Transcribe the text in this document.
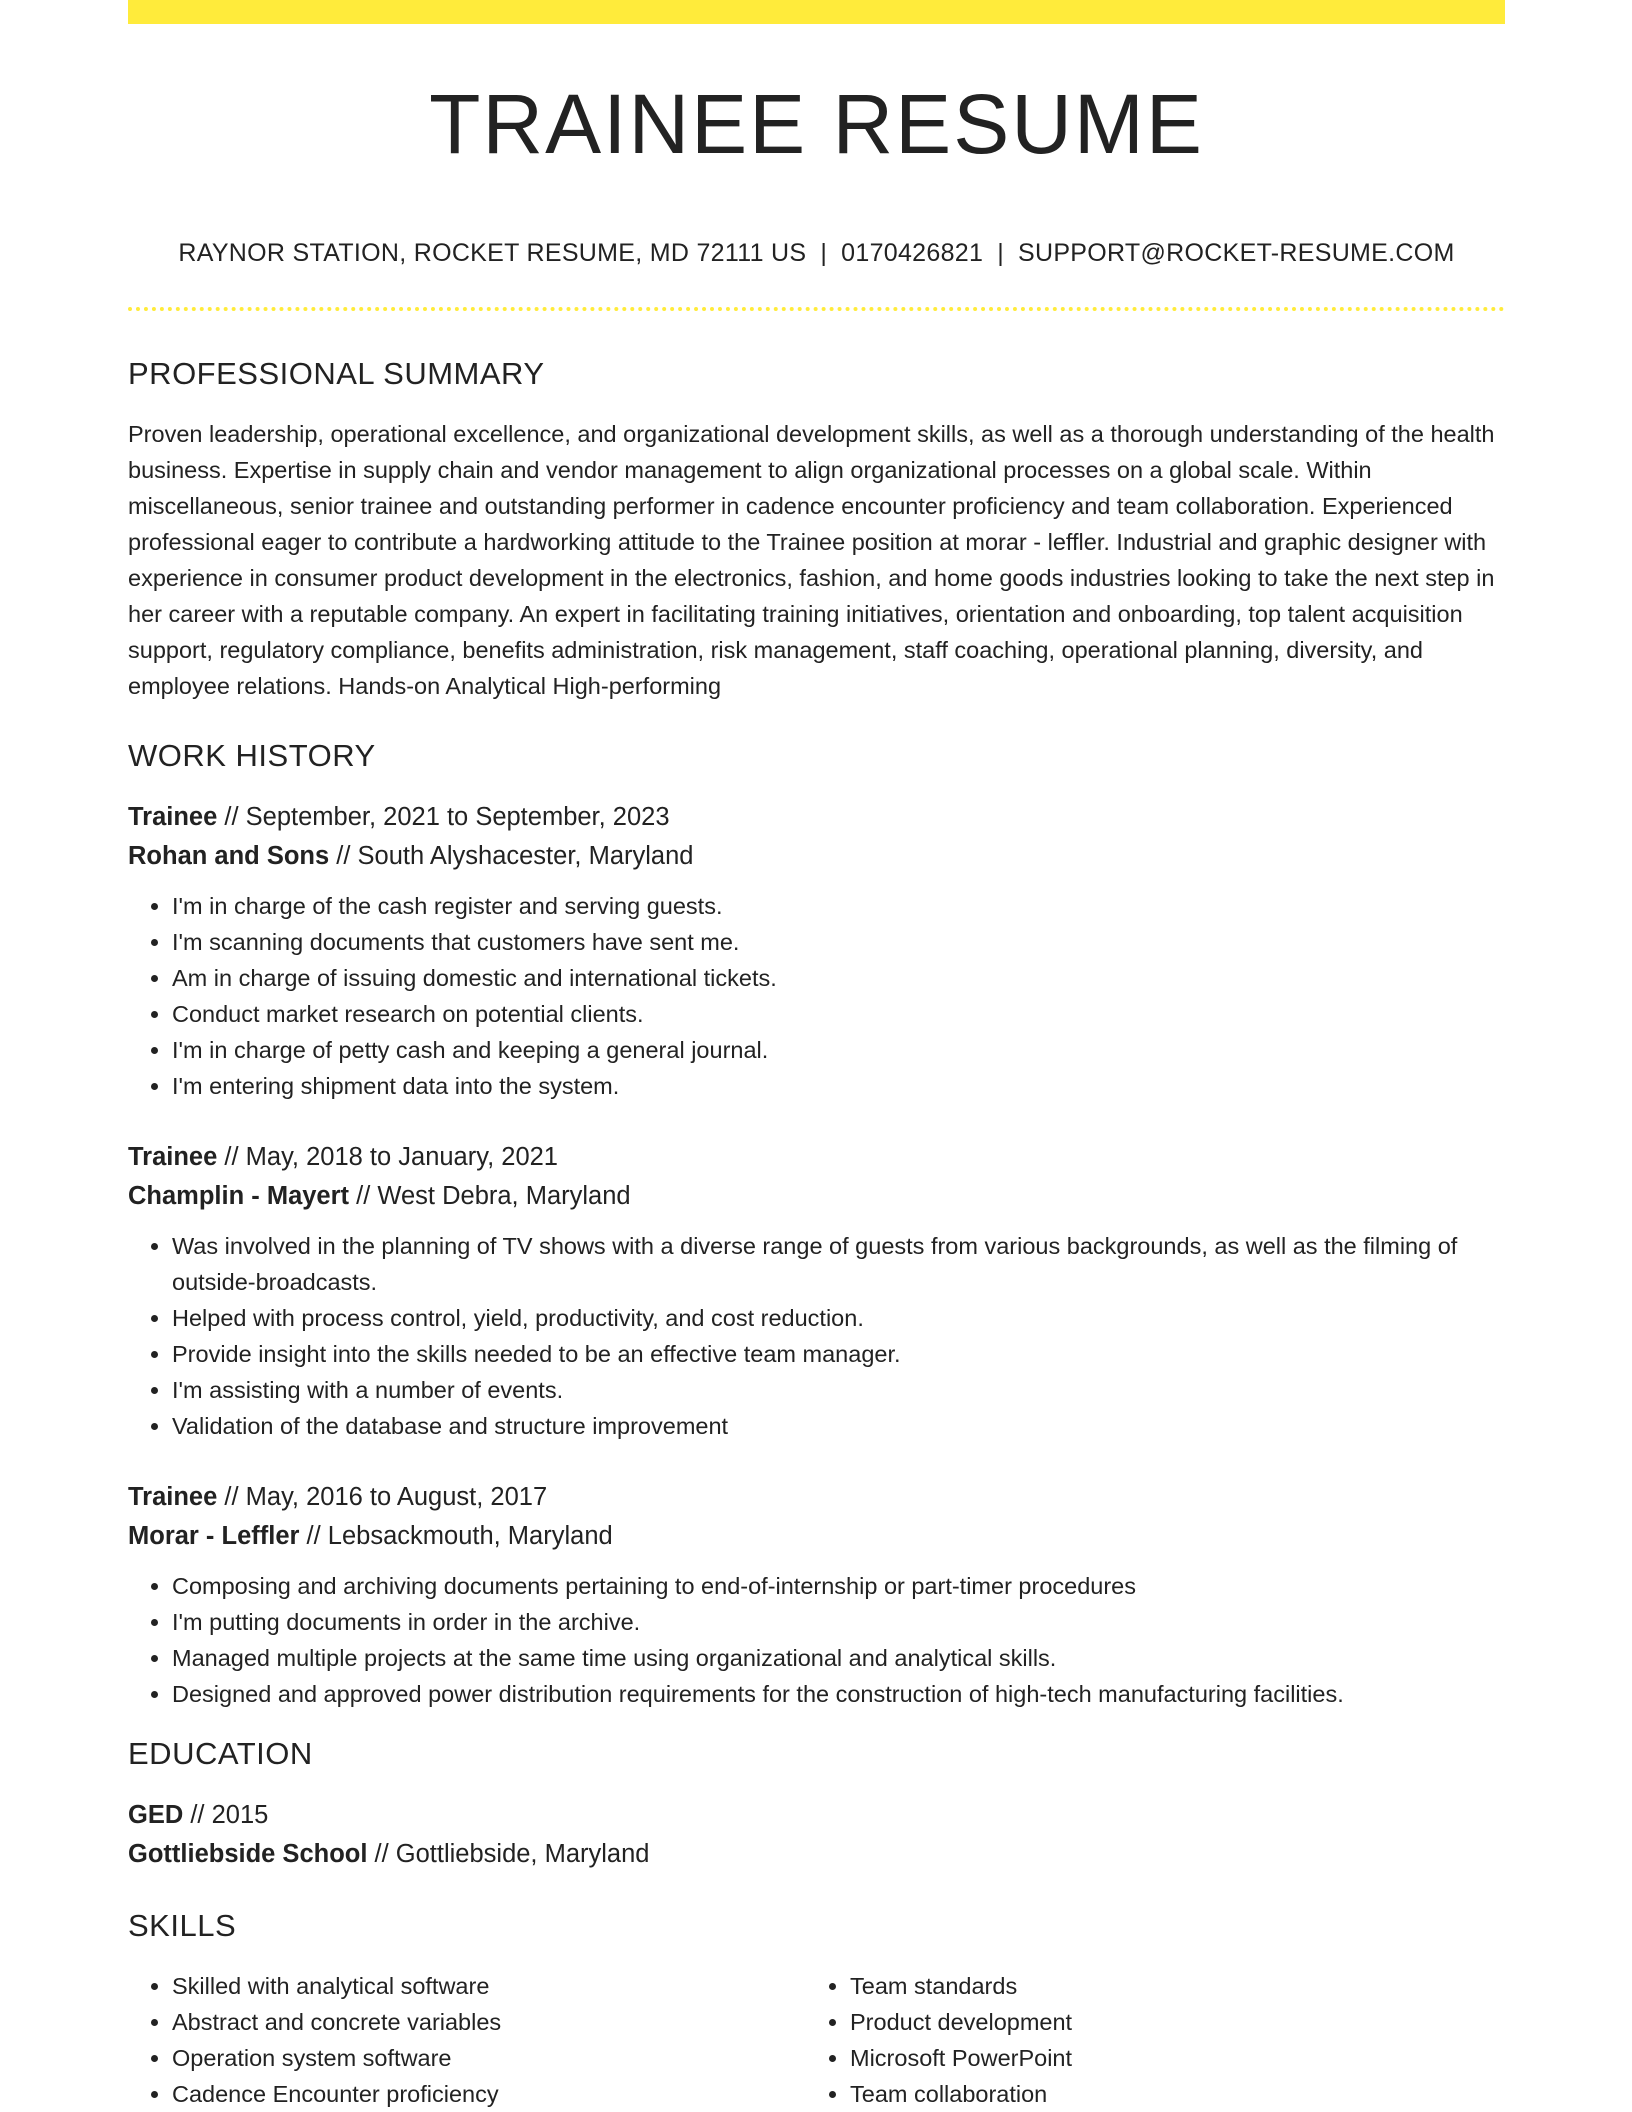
TRAINEE RESUME
RAYNOR STATION, ROCKET RESUME, MD 72111 US | 0170426821 | SUPPORT@ROCKET-RESUME.COM
PROFESSIONAL SUMMARY

Proven leadership, operational excellence, and organizational development skills, as well as a thorough understanding of the health business. Expertise in supply chain and vendor management to align organizational processes on a global scale. Within miscellaneous, senior trainee and outstanding performer in cadence encounter proficiency and team collaboration. Experienced professional eager to contribute a hardworking attitude to the Trainee position at morar - leffler. Industrial and graphic designer with experience in consumer product development in the electronics, fashion, and home goods industries looking to take the next step in her career with a reputable company. An expert in facilitating training initiatives, orientation and onboarding, top talent acquisition support, regulatory compliance, benefits administration, risk management, staff coaching, operational planning, diversity, and employee relations. Hands-on Analytical High-performing

WORK HISTORY
Trainee // September, 2021 to September, 2023
Rohan and Sons // South Alyshacester, Maryland
• I'm in charge of the cash register and serving guests.
• I'm scanning documents that customers have sent me.
• Am in charge of issuing domestic and international tickets.
• Conduct market research on potential clients.
• I'm in charge of petty cash and keeping a general journal.
• I'm entering shipment data into the system.
Trainee // May, 2018 to January, 2021
Champlin - Mayert // West Debra, Maryland
• Was involved in the planning of TV shows with a diverse range of guests from various backgrounds, as well as the filming of outside-broadcasts.
• Helped with process control, yield, productivity, and cost reduction.
• Provide insight into the skills needed to be an effective team manager.
• I'm assisting with a number of events.
• Validation of the database and structure improvement
Trainee // May, 2016 to August, 2017
Morar - Leffler // Lebsackmouth, Maryland
• Composing and archiving documents pertaining to end-of-internship or part-timer procedures
• I'm putting documents in order in the archive.
• Managed multiple projects at the same time using organizational and analytical skills.
• Designed and approved power distribution requirements for the construction of high-tech manufacturing facilities.
EDUCATION
GED // 2015
Gottliebside School // Gottliebside, Maryland
SKILLS
• Skilled with analytical software
• Abstract and concrete variables
• Operation system software
• Cadence Encounter proficiency
• Team standards
• Product development
• Microsoft PowerPoint
• Team collaboration
